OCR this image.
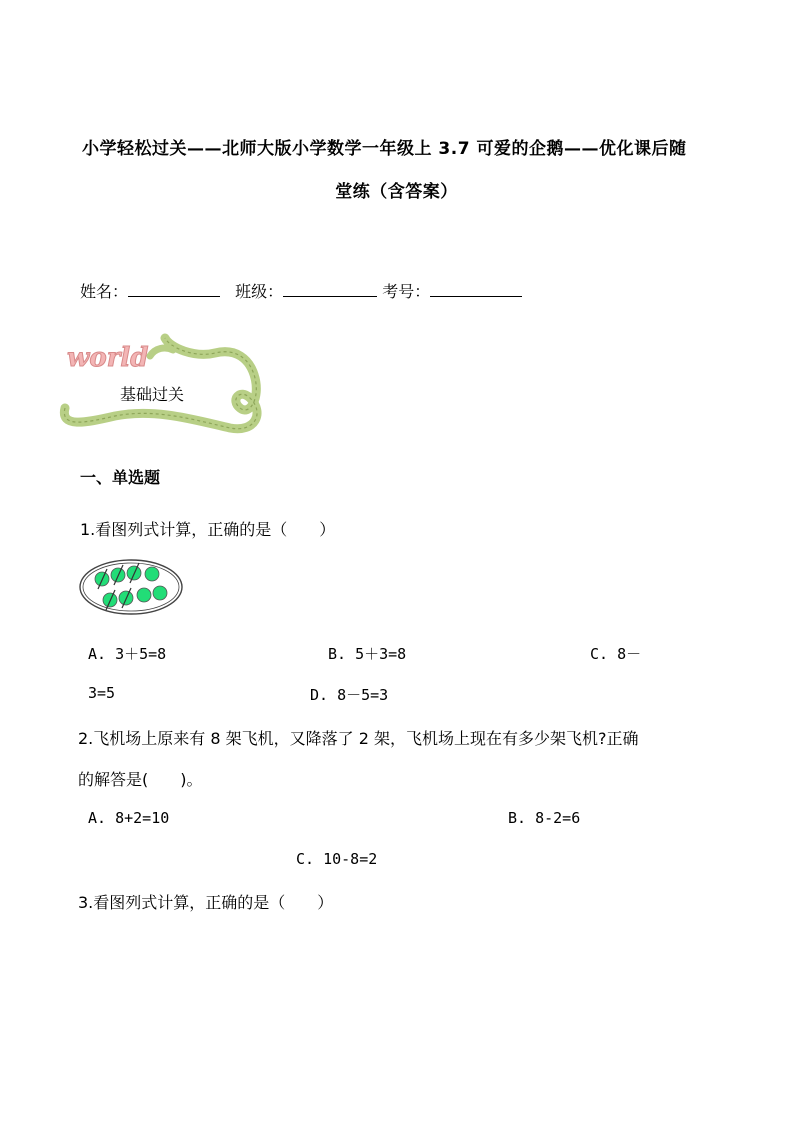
小学轻松过关——北师大版小学数学一年级上 3.7 可爱的企鹅——优化课后随
堂练（含答案）
姓名：	班级：	考号：
world
基础过关
一、单选题
1.看图列式计算，正确的是（　　）
A. 3＋5=8	B. 5＋3=8	C. 8－
3=5	D. 8－5=3
2.飞机场上原来有 8 架飞机，又降落了 2 架，飞机场上现在有多少架飞机?正确
的解答是(　　)。
A. 8+2=10	B. 8-2=6
C. 10-8=2
3.看图列式计算，正确的是（　　）
